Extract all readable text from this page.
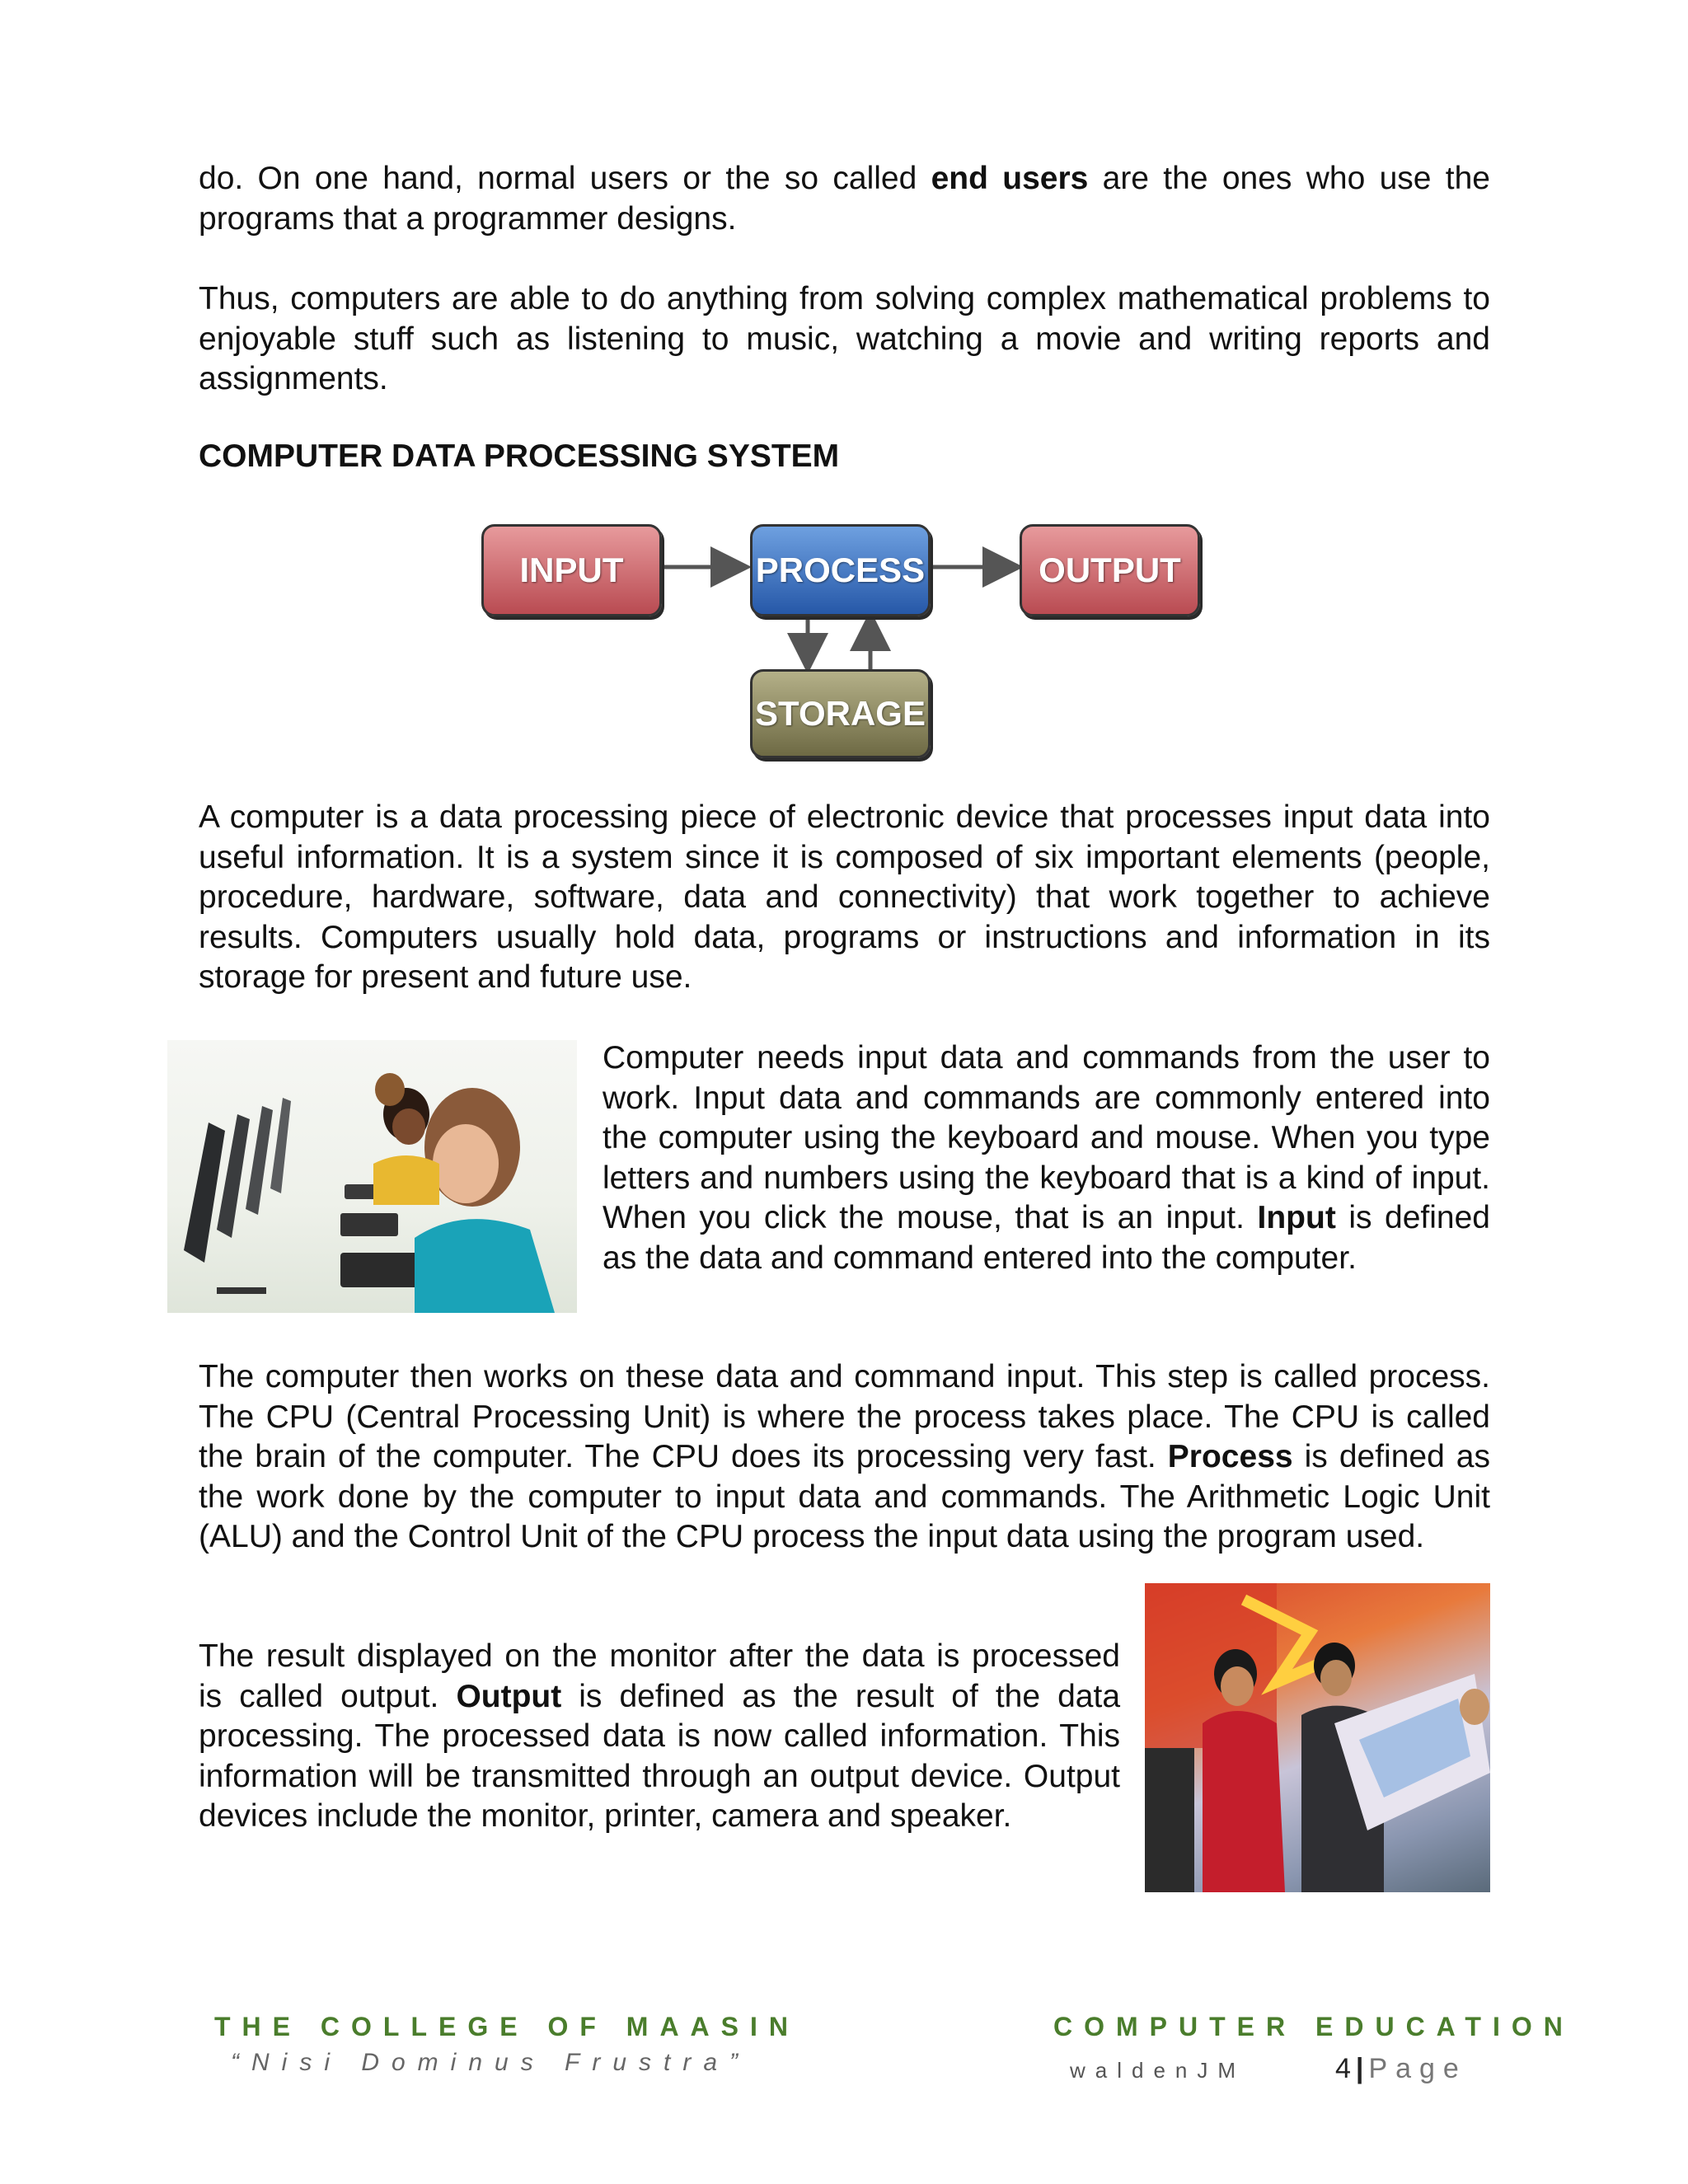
do. On one hand, normal users or the so called end users are the ones who use the programs that a programmer designs.

Thus, computers are able to do anything from solving complex mathematical problems to enjoyable stuff such as listening to music, watching a movie and writing reports and assignments.

COMPUTER DATA PROCESSING SYSTEM
INPUT	PROCESS	OUTPUT
STORAGE

A computer is a data processing piece of electronic device that processes input data into useful information. It is a system since it is composed of six important elements (people, procedure, hardware, software, data and connectivity) that work together to achieve results. Computers usually hold data, programs or instructions and information in its storage for present and future use.

Computer needs input data and commands from the user to work. Input data and commands are commonly entered into the computer using the keyboard and mouse. When you type letters and numbers using the keyboard that is a kind of input. When you click the mouse, that is an input. Input is defined as the data and command entered into the computer.

The computer then works on these data and command input. This step is called process. The CPU (Central Processing Unit) is where the process takes place. The CPU is called the brain of the computer. The CPU does its processing very fast. Process is defined as the work done by the computer to input data and commands. The Arithmetic Logic Unit (ALU) and the Control Unit of the CPU process the input data using the program used.

The result displayed on the monitor after the data is processed is called output. Output is defined as the result of the data processing. The processed data is now called information. This information will be transmitted through an output device. Output devices include the monitor, printer, camera and speaker.

THE COLLEGE OF MAASIN

“Nisi Dominus Frustra”

COMPUTER EDUCATION

waldenJM	4 | Page
